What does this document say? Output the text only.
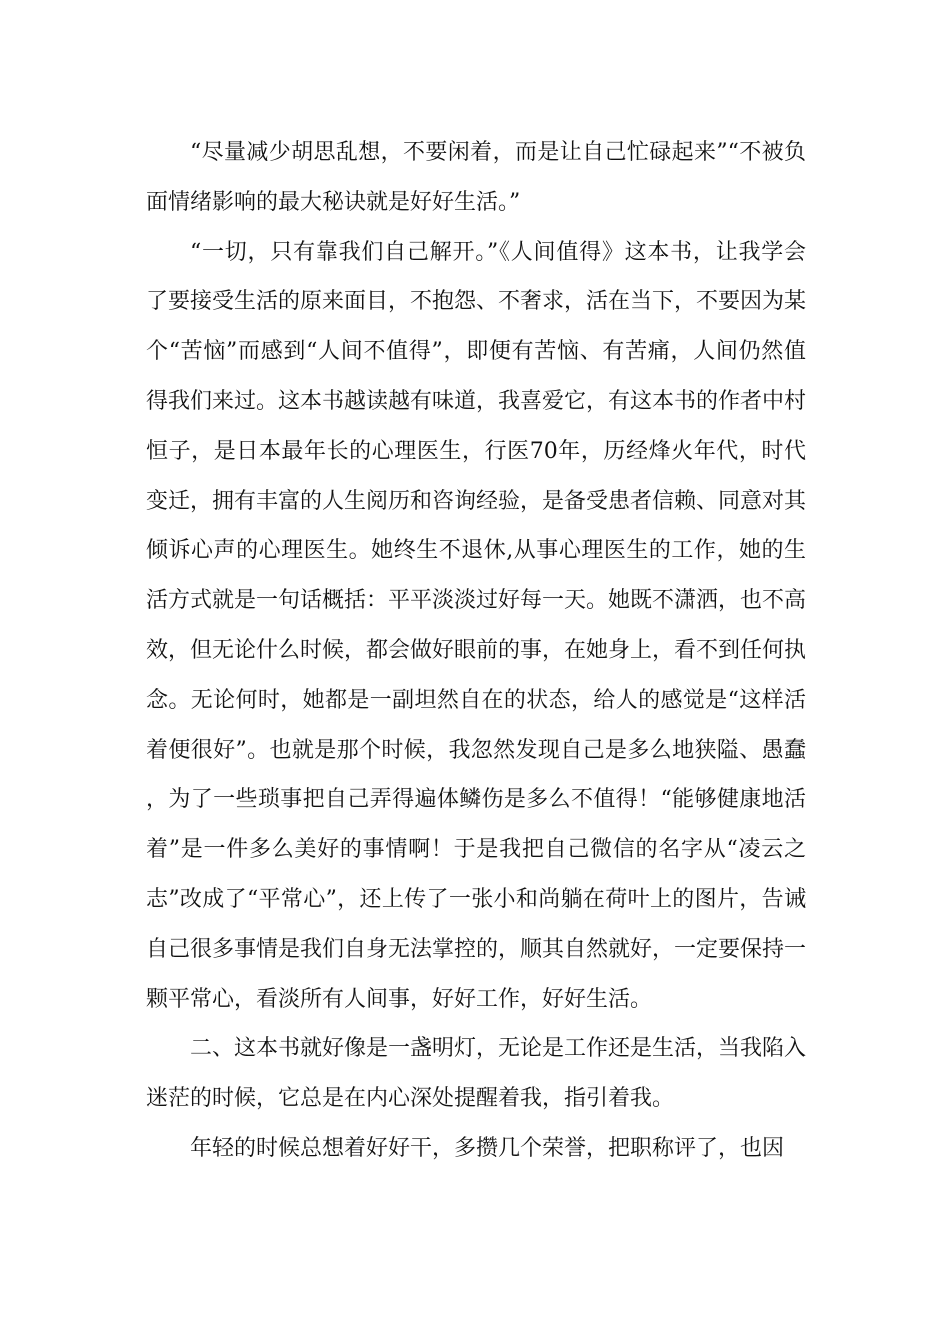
“尽量减少胡思乱想，不要闲着，而是让自己忙碌起来”“不被负面情绪影响的最大秘诀就是好好生活。”

“一切，只有靠我们自己解开。”《人间值得》这本书，让我学会了要接受生活的原来面目，不抱怨、不奢求，活在当下，不要因为某个“苦恼”而感到“人间不值得”，即便有苦恼、有苦痛，人间仍然值得我们来过。这本书越读越有味道，我喜爱它，有这本书的作者中村恒子，是日本最年长的心理医生，行医70年，历经烽火年代，时代变迁，拥有丰富的人生阅历和咨询经验，是备受患者信赖、同意对其倾诉心声的心理医生。她终生不退休,从事心理医生的工作，她的生活方式就是一句话概括：平平淡淡过好每一天。她既不潇洒，也不高效，但无论什么时候，都会做好眼前的事，在她身上，看不到任何执念。无论何时，她都是一副坦然自在的状态，给人的感觉是“这样活着便很好”。也就是那个时候，我忽然发现自己是多么地狭隘、愚蠢，为了一些琐事把自己弄得遍体鳞伤是多么不值得！“能够健康地活着”是一件多么美好的事情啊！于是我把自己微信的名字从“凌云之志”改成了“平常心”，还上传了一张小和尚躺在荷叶上的图片，告诫自己很多事情是我们自身无法掌控的，顺其自然就好，一定要保持一颗平常心，看淡所有人间事，好好工作，好好生活。

二、这本书就好像是一盏明灯，无论是工作还是生活，当我陷入迷茫的时候，它总是在内心深处提醒着我，指引着我。

年轻的时候总想着好好干，多攒几个荣誉，把职称评了，也因
